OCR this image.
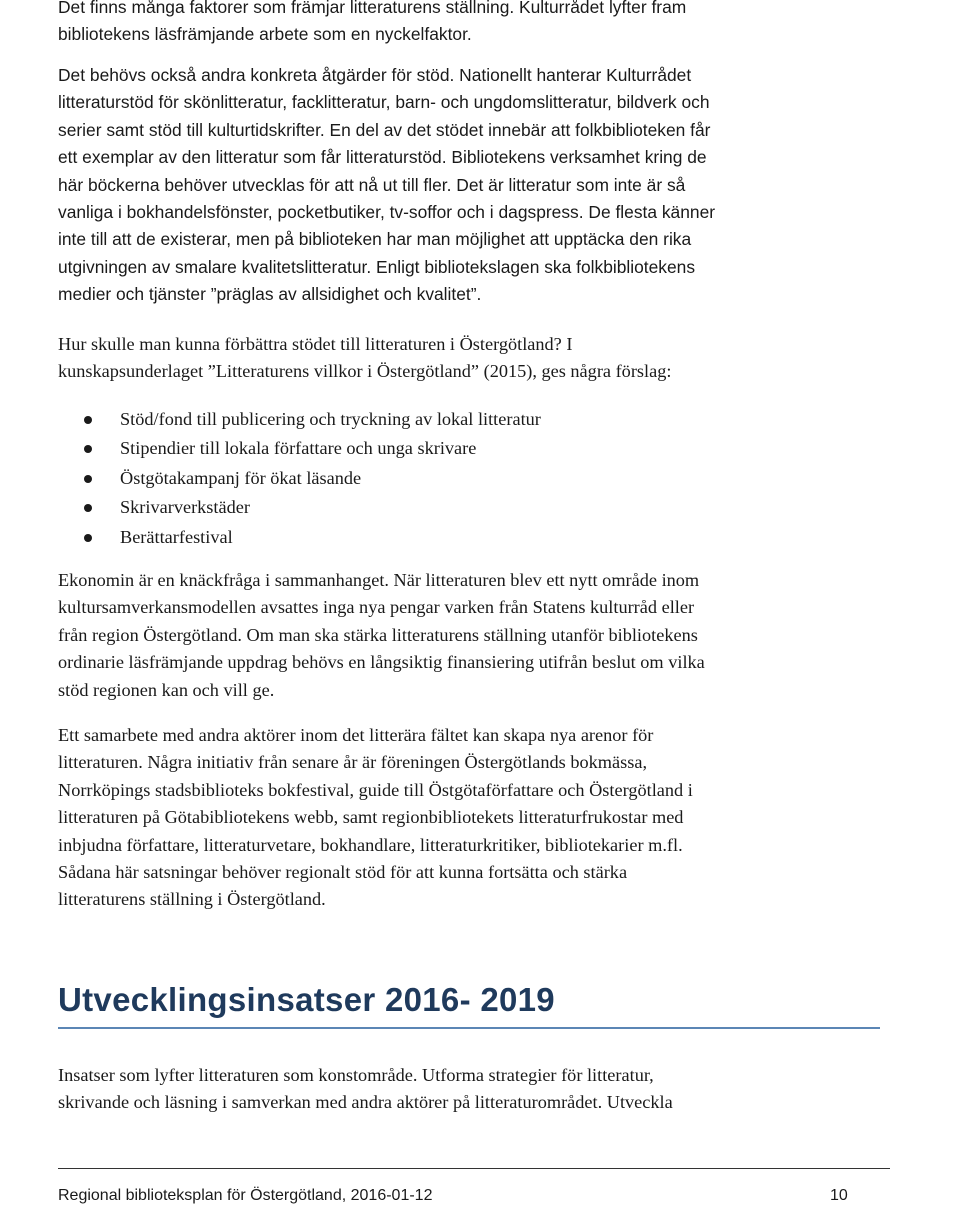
Det finns många faktorer som främjar litteraturens ställning. Kulturrådet lyfter fram
bibliotekens läsfrämjande arbete som en nyckelfaktor.

Det behövs också andra konkreta åtgärder för stöd. Nationellt hanterar Kulturrådet
litteraturstöd för skönlitteratur, facklitteratur, barn- och ungdomslitteratur, bildverk och
serier samt stöd till kulturtidskrifter. En del av det stödet innebär att folkbiblioteken får
ett exemplar av den litteratur som får litteraturstöd. Bibliotekens verksamhet kring de
här böckerna behöver utvecklas för att nå ut till fler. Det är litteratur som inte är så
vanliga i bokhandelsfönster, pocketbutiker, tv-soffor och i dagspress. De flesta känner
inte till att de existerar, men på biblioteken har man möjlighet att upptäcka den rika
utgivningen av smalare kvalitetslitteratur. Enligt bibliotekslagen ska folkbibliotekens
medier och tjänster ”präglas av allsidighet och kvalitet”.

Hur skulle man kunna förbättra stödet till litteraturen i Östergötland? I
kunskapsunderlaget ”Litteraturens villkor i Östergötland” (2015), ges några förslag:

Stöd/fond till publicering och tryckning av lokal litteratur
Stipendier till lokala författare och unga skrivare
Östgötakampanj för ökat läsande
Skrivarverkstäder
Berättarfestival

Ekonomin är en knäckfråga i sammanhanget. När litteraturen blev ett nytt område inom
kultursamverkansmodellen avsattes inga nya pengar varken från Statens kulturråd eller
från region Östergötland. Om man ska stärka litteraturens ställning utanför bibliotekens
ordinarie läsfrämjande uppdrag behövs en långsiktig finansiering utifrån beslut om vilka
stöd regionen kan och vill ge.

Ett samarbete med andra aktörer inom det litterära fältet kan skapa nya arenor för
litteraturen. Några initiativ från senare år är föreningen Östergötlands bokmässa,
Norrköpings stadsbiblioteks bokfestival, guide till Östgötaförfattare och Östergötland i
litteraturen på Götabibliotekens webb, samt regionbibliotekets litteraturfrukostar med
inbjudna författare, litteraturvetare, bokhandlare, litteraturkritiker, bibliotekarier m.fl.
Sådana här satsningar behöver regionalt stöd för att kunna fortsätta och stärka
litteraturens ställning i Östergötland.

Utvecklingsinsatser 2016- 2019

Insatser som lyfter litteraturen som konstområde. Utforma strategier för litteratur,
skrivande och läsning i samverkan med andra aktörer på litteraturområdet. Utveckla

Regional biblioteksplan för Östergötland, 2016-01-12	10
